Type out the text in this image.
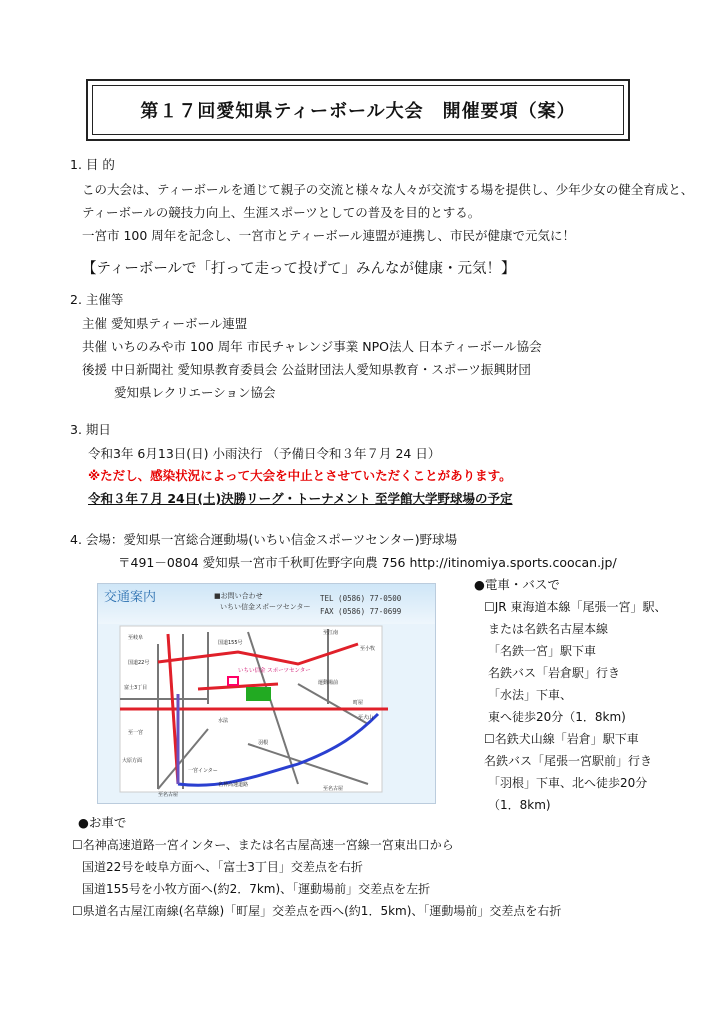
第１７回愛知県ティーボール大会　開催要項（案）
1. 目 的
この大会は、ティーボールを通じて親子の交流と様々な人々が交流する場を提供し、少年少女の健全育成と、
ティーボールの競技力向上、生涯スポーツとしての普及を目的とする。
一宮市 100 周年を記念し、一宮市とティーボール連盟が連携し、市民が健康で元気に！
【ティーボールで「打って走って投げて」みんなが健康・元気！】
2. 主催等
主催 愛知県ティーボール連盟
共催 いちのみや市 100 周年 市民チャレンジ事業 NPO法人 日本ティーボール協会
後援 中日新聞社 愛知県教育委員会 公益財団法人愛知県教育・スポーツ振興財団
愛知県レクリエーション協会
3. 期日
令和3年 6月13日(日) 小雨決行 （予備日令和３年７月 24 日）
※ただし、感染状況によって大会を中止とさせていただくことがあります。
令和３年７月 24日(土)決勝リーグ・トーナメント 至学館大学野球場の予定
4. 会場：愛知県一宮総合運動場(いちい信金スポーツセンター)野球場
〒491－0804 愛知県一宮市千秋町佐野字向農 756 http://itinomiya.sports.coocan.jp/
交通案内	■お問い合わせ
いちい信金スポーツセンター
TEL (0586) 77-0500
FAX (0586) 77-0699
いちい信金 スポーツセンター
至岐阜
国道22号
国道155号
富士3丁目
至江南
至小牧
町屋
至犬山
水法
羽根
至一宮
一宮インター
至名古屋
名神高速道路
至名古屋
大原方面
運動場前
●電車・バスで
☐JR 東海道本線「尾張一宮」駅、
または名鉄名古屋本線
「名鉄一宮」駅下車
名鉄バス「岩倉駅」行き
「水法」下車、
東へ徒歩20分（1．8km)
☐名鉄犬山線「岩倉」駅下車
名鉄バス「尾張一宮駅前」行き
「羽根」下車、北へ徒歩20分
（1．8km)
●お車で
☐名神高速道路一宮インター、または名古屋高速一宮線一宮東出口から
国道22号を岐阜方面へ、「富士3丁目」交差点を右折
国道155号を小牧方面へ(約2．7km)、「運動場前」交差点を左折
☐県道名古屋江南線(名草線)「町屋」交差点を西へ(約1．5km)、「運動場前」交差点を右折
